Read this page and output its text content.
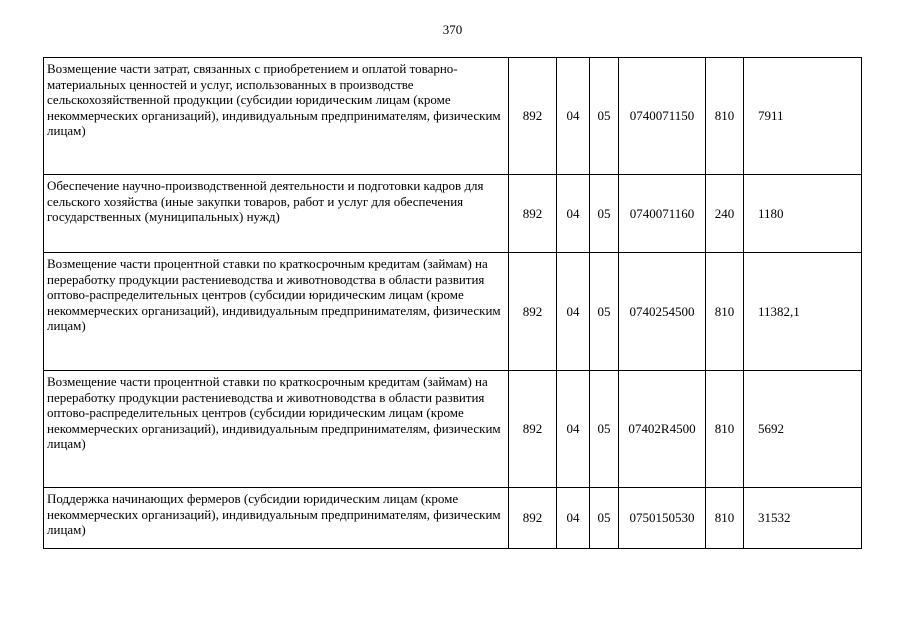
370
Возмещение части затрат, связанных с приобретением и оплатой товарно-материальных ценностей и услуг, использованных в производстве сельскохозяйственной продукции (субсидии юридическим лицам (кроме некоммерческих организаций), индивидуальным предпринимателям, физическим лицам)	892	04	05	0740071150	810	7911
Обеспечение научно-производственной деятельности и подготовки кадров для сельского хозяйства (иные закупки товаров, работ и услуг для обеспечения государственных (муниципальных) нужд)	892	04	05	0740071160	240	1180
Возмещение части процентной ставки по краткосрочным кредитам (займам) на переработку продукции растениеводства и животноводства в области развития оптово-распределительных центров (субсидии юридическим лицам (кроме некоммерческих организаций), индивидуальным предпринимателям, физическим лицам)	892	04	05	0740254500	810	11382,1
Возмещение части процентной ставки по краткосрочным кредитам (займам) на переработку продукции растениеводства и животноводства в области развития оптово-распределительных центров (субсидии юридическим лицам (кроме некоммерческих организаций), индивидуальным предпринимателям, физическим лицам)	892	04	05	07402R4500	810	5692
Поддержка начинающих фермеров (субсидии юридическим лицам (кроме некоммерческих организаций), индивидуальным предпринимателям, физическим лицам)	892	04	05	0750150530	810	31532
